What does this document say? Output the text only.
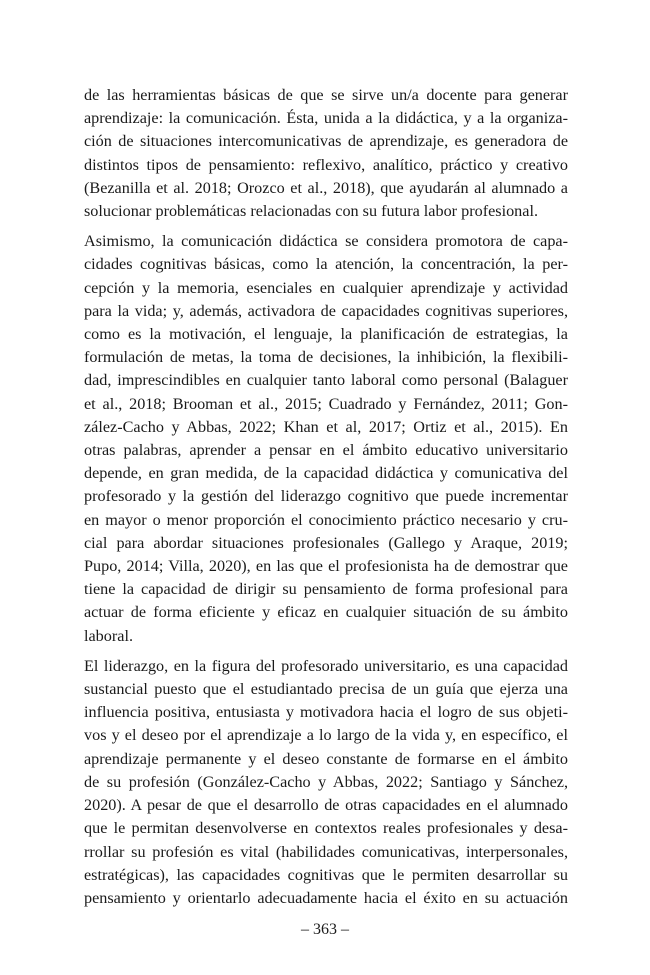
de las herramientas básicas de que se sirve un/a docente para generar
aprendizaje: la comunicación. Ésta, unida a la didáctica, y a la organiza-
ción de situaciones intercomunicativas de aprendizaje, es generadora de
distintos tipos de pensamiento: reflexivo, analítico, práctico y creativo
(Bezanilla et al. 2018; Orozco et al., 2018), que ayudarán al alumnado a
solucionar problemáticas relacionadas con su futura labor profesional.

Asimismo, la comunicación didáctica se considera promotora de capa-
cidades cognitivas básicas, como la atención, la concentración, la per-
cepción y la memoria, esenciales en cualquier aprendizaje y actividad
para la vida; y, además, activadora de capacidades cognitivas superiores,
como es la motivación, el lenguaje, la planificación de estrategias, la
formulación de metas, la toma de decisiones, la inhibición, la flexibili-
dad, imprescindibles en cualquier tanto laboral como personal (Balaguer
et al., 2018; Brooman et al., 2015; Cuadrado y Fernández, 2011; Gon-
zález-Cacho y Abbas, 2022; Khan et al, 2017; Ortiz et al., 2015). En
otras palabras, aprender a pensar en el ámbito educativo universitario
depende, en gran medida, de la capacidad didáctica y comunicativa del
profesorado y la gestión del liderazgo cognitivo que puede incrementar
en mayor o menor proporción el conocimiento práctico necesario y cru-
cial para abordar situaciones profesionales (Gallego y Araque, 2019;
Pupo, 2014; Villa, 2020), en las que el profesionista ha de demostrar que
tiene la capacidad de dirigir su pensamiento de forma profesional para
actuar de forma eficiente y eficaz en cualquier situación de su ámbito
laboral.

El liderazgo, en la figura del profesorado universitario, es una capacidad
sustancial puesto que el estudiantado precisa de un guía que ejerza una
influencia positiva, entusiasta y motivadora hacia el logro de sus objeti-
vos y el deseo por el aprendizaje a lo largo de la vida y, en específico, el
aprendizaje permanente y el deseo constante de formarse en el ámbito
de su profesión (González-Cacho y Abbas, 2022; Santiago y Sánchez,
2020). A pesar de que el desarrollo de otras capacidades en el alumnado
que le permitan desenvolverse en contextos reales profesionales y desa-
rrollar su profesión es vital (habilidades comunicativas, interpersonales,
estratégicas), las capacidades cognitivas que le permiten desarrollar su
pensamiento y orientarlo adecuadamente hacia el éxito en su actuación

– 363 –
